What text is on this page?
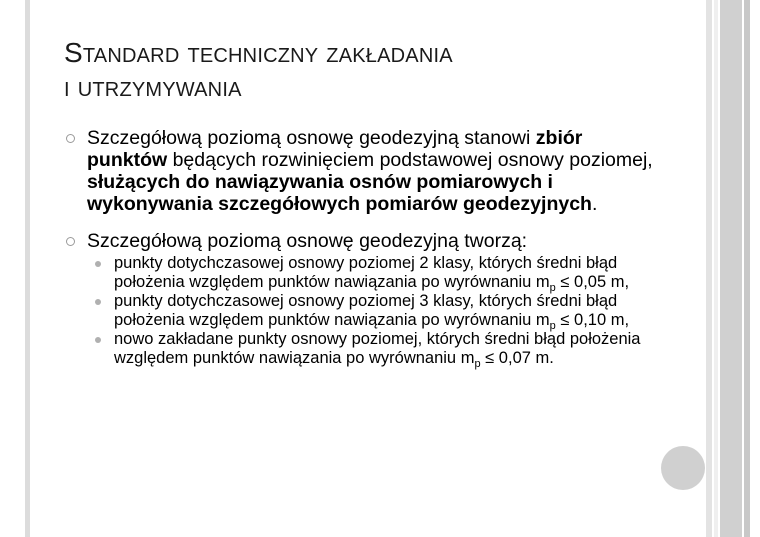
Standard techniczny zakładania
i utrzymywania
Szczegółową poziomą osnowę geodezyjną stanowi zbiór punktów będących rozwinięciem podstawowej osnowy poziomej, służących do nawiązywania osnów pomiarowych i wykonywania szczegółowych pomiarów geodezyjnych.
Szczegółową poziomą osnowę geodezyjną tworzą:
punkty dotychczasowej osnowy poziomej 2 klasy, których średni błąd położenia względem punktów nawiązania po wyrównaniu $m_p \le 0,05$ m,
punkty dotychczasowej osnowy poziomej 3 klasy, których średni błąd położenia względem punktów nawiązania po wyrównaniu $m_p \le 0,10$ m,
nowo zakładane punkty osnowy poziomej, których średni błąd położenia względem punktów nawiązania po wyrównaniu $m_p \le 0,07$ m.
